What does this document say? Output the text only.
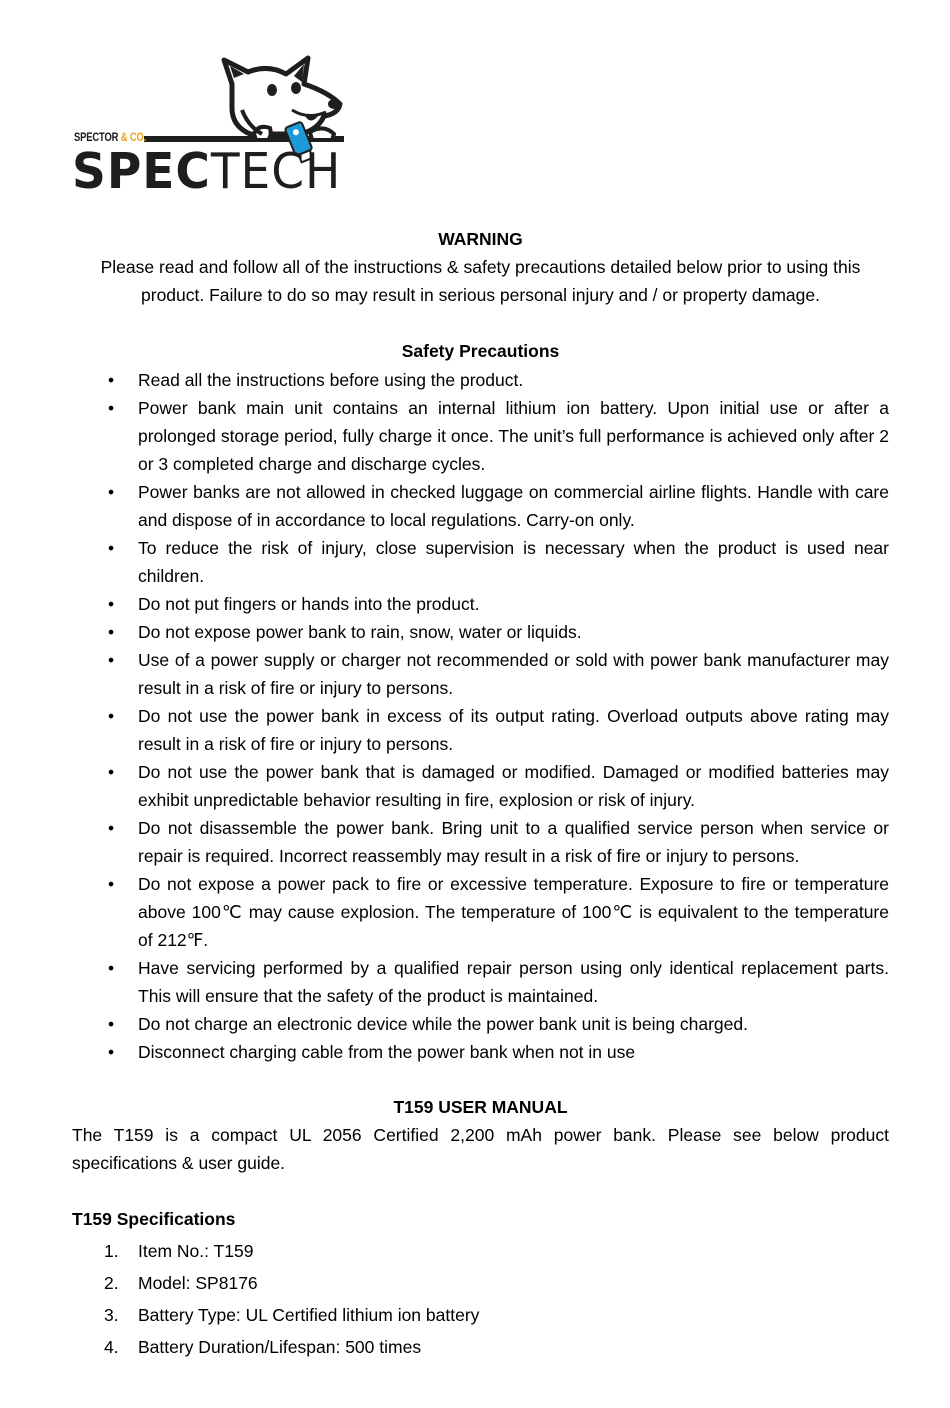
SPECTOR & CO.
SPECTECH
WARNING
Please read and follow all of the instructions & safety precautions detailed below prior to using this
product. Failure to do so may result in serious personal injury and / or property damage.
Safety Precautions
• Read all the instructions before using the product.
• Power bank main unit contains an internal lithium ion battery. Upon initial use or after a prolonged storage period, fully charge it once. The unit’s full performance is achieved only after 2 or 3 completed charge and discharge cycles.
• Power banks are not allowed in checked luggage on commercial airline flights. Handle with care and dispose of in accordance to local regulations. Carry-on only.
• To reduce the risk of injury, close supervision is necessary when the product is used near children.
• Do not put fingers or hands into the product.
• Do not expose power bank to rain, snow, water or liquids.
• Use of a power supply or charger not recommended or sold with power bank manufacturer may result in a risk of fire or injury to persons.
• Do not use the power bank in excess of its output rating. Overload outputs above rating may result in a risk of fire or injury to persons.
• Do not use the power bank that is damaged or modified. Damaged or modified batteries may exhibit unpredictable behavior resulting in fire, explosion or risk of injury.
• Do not disassemble the power bank. Bring unit to a qualified service person when service or repair is required. Incorrect reassembly may result in a risk of fire or injury to persons.
• Do not expose a power pack to fire or excessive temperature. Exposure to fire or temperature above 100℃ may cause explosion. The temperature of 100℃ is equivalent to the temperature of 212℉.
• Have servicing performed by a qualified repair person using only identical replacement parts. This will ensure that the safety of the product is maintained.
• Do not charge an electronic device while the power bank unit is being charged.
• Disconnect charging cable from the power bank when not in use
T159 USER MANUAL
The T159 is a compact UL 2056 Certified 2,200 mAh power bank. Please see below product specifications & user guide.
T159 Specifications
1. Item No.: T159
2. Model: SP8176
3. Battery Type: UL Certified lithium ion battery
4. Battery Duration/Lifespan: 500 times
